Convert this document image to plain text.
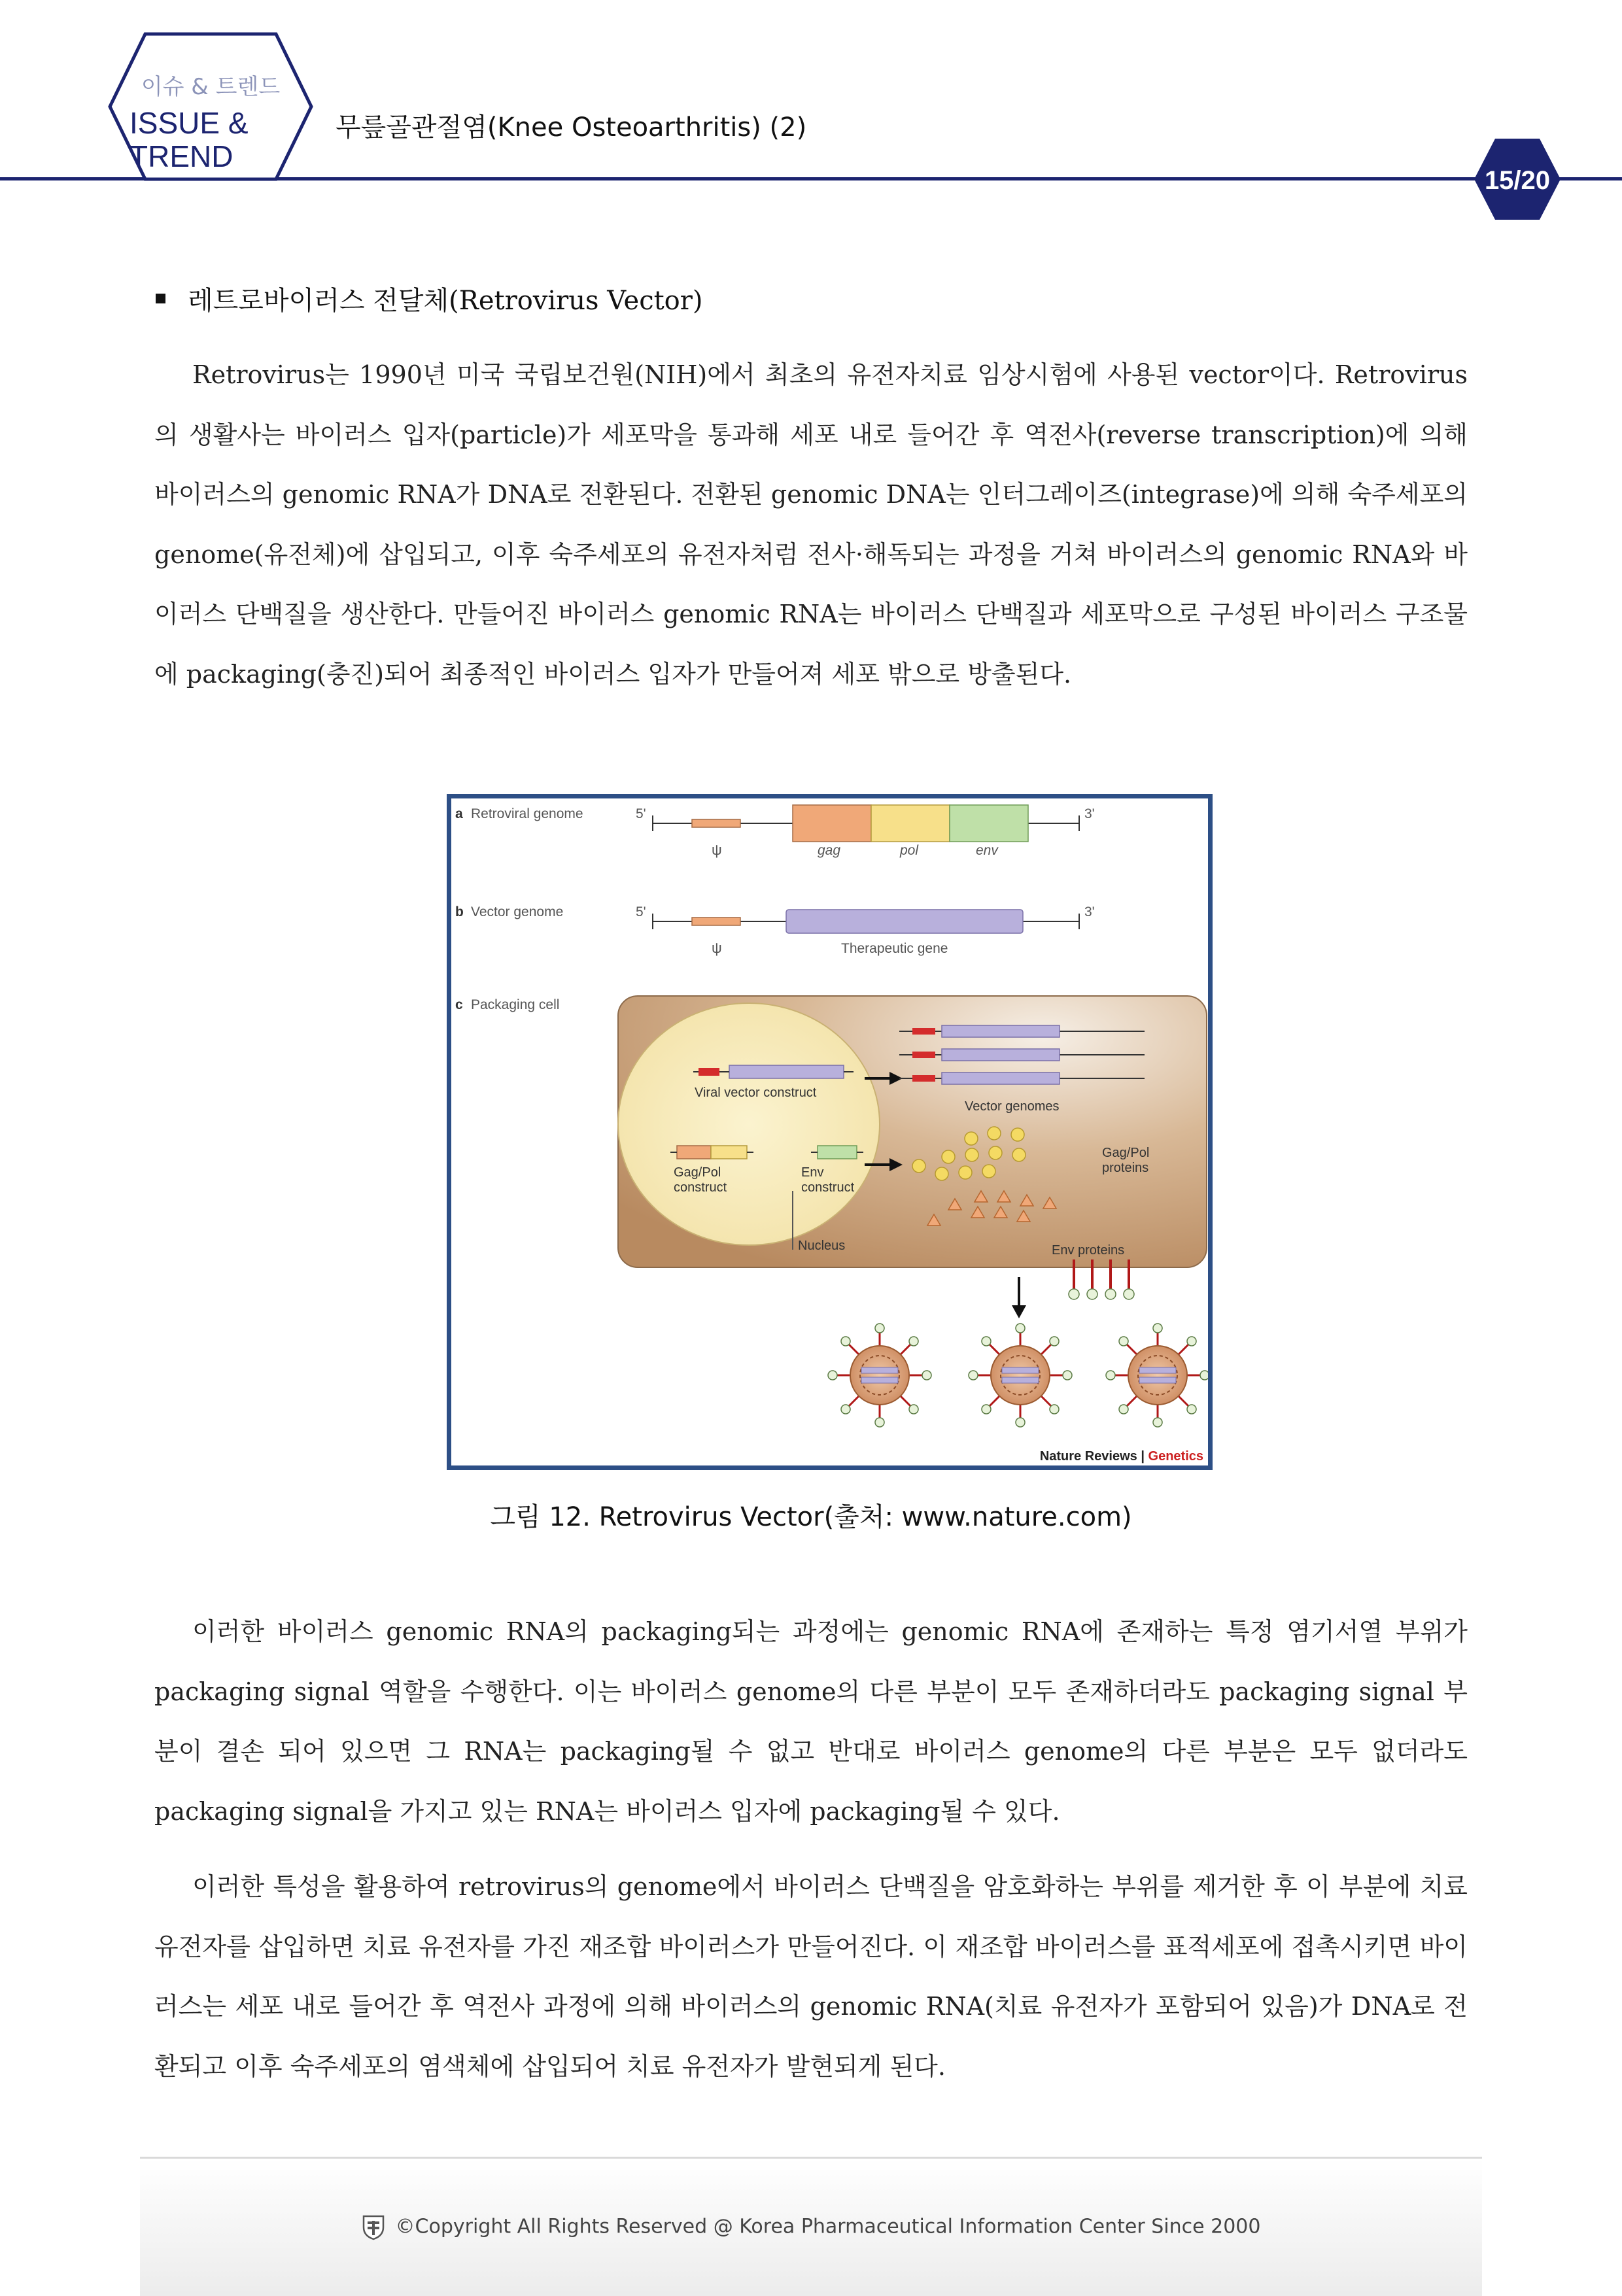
이슈 & 트렌드
ISSUE &
TREND
무릎골관절염(Knee Osteoarthritis) (2)
15/20
레트로바이러스 전달체(Retrovirus Vector)

Retrovirus는 1990년 미국 국립보건원(NIH)에서 최초의 유전자치료 임상시험에 사용된 vector이다. Retrovirus의 생활사는 바이러스 입자(particle)가 세포막을 통과해 세포 내로 들어간 후 역전사(reverse transcription)에 의해 바이러스의 genomic RNA가 DNA로 전환된다. 전환된 genomic DNA는 인터그레이즈(integrase)에 의해 숙주세포의 genome(유전체)에 삽입되고, 이후 숙주세포의 유전자처럼 전사·해독되는 과정을 거쳐 바이러스의 genomic RNA와 바이러스 단백질을 생산한다. 만들어진 바이러스 genomic RNA는 바이러스 단백질과 세포막으로 구성된 바이러스 구조물에 packaging(충진)되어 최종적인 바이러스 입자가 만들어져 세포 밖으로 방출된다.

a Retroviral genome	5'	3'
ψ	gag	pol	env
b Vector genome	5'	3'
ψ	Therapeutic gene
c Packaging cell
Viral vector construct
Gag/Pol
construct
Env
construct
Nucleus
Vector genomes
Gag/Pol
proteins
Env proteins
Nature Reviews | Genetics
그림 12. Retrovirus Vector(출처: www.nature.com)

이러한 바이러스 genomic RNA의 packaging되는 과정에는 genomic RNA에 존재하는 특정 염기서열 부위가 packaging signal 역할을 수행한다. 이는 바이러스 genome의 다른 부분이 모두 존재하더라도 packaging signal 부분이 결손 되어 있으면 그 RNA는 packaging될 수 없고 반대로 바이러스 genome의 다른 부분은 모두 없더라도 packaging signal을 가지고 있는 RNA는 바이러스 입자에 packaging될 수 있다.

이러한 특성을 활용하여 retrovirus의 genome에서 바이러스 단백질을 암호화하는 부위를 제거한 후 이 부분에 치료 유전자를 삽입하면 치료 유전자를 가진 재조합 바이러스가 만들어진다. 이 재조합 바이러스를 표적세포에 접촉시키면 바이러스는 세포 내로 들어간 후 역전사 과정에 의해 바이러스의 genomic RNA(치료 유전자가 포함되어 있음)가 DNA로 전환되고 이후 숙주세포의 염색체에 삽입되어 치료 유전자가 발현되게 된다.

©Copyright All Rights Reserved @ Korea Pharmaceutical Information Center Since 2000
